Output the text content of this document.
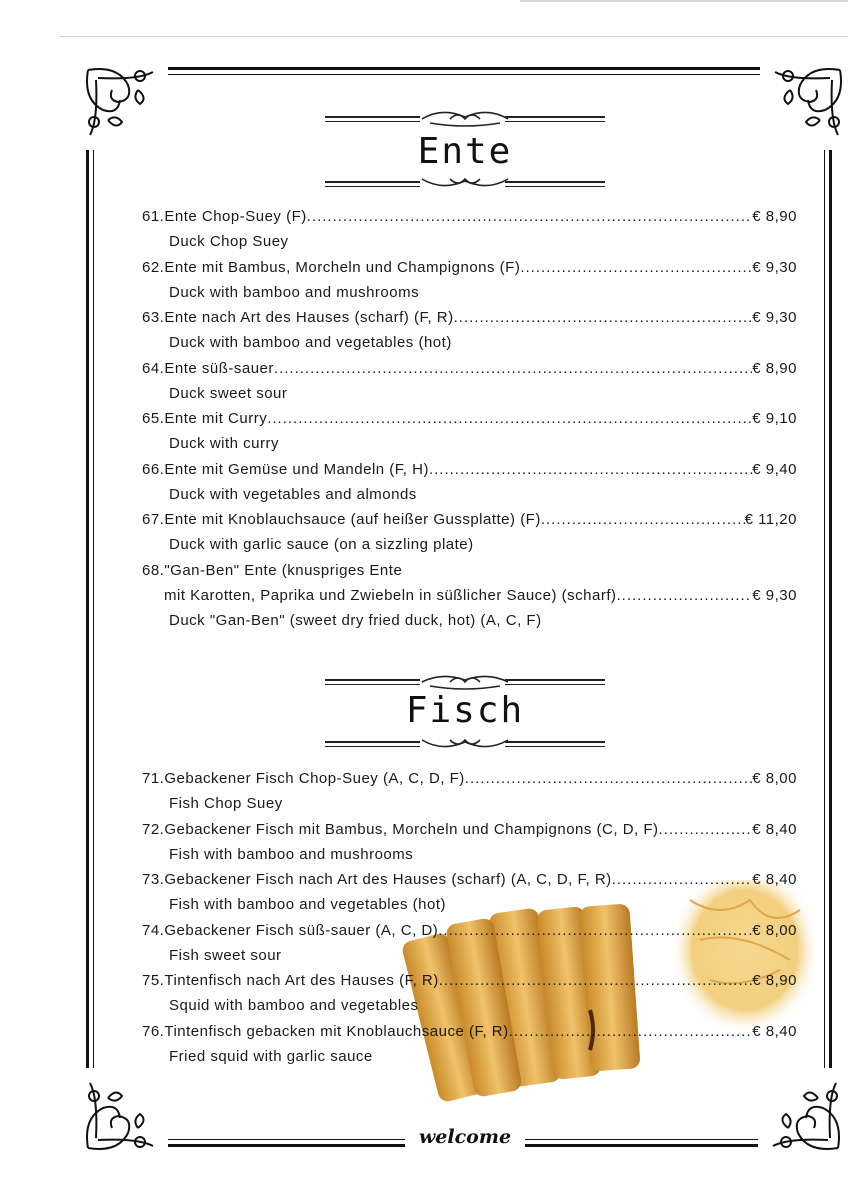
Ente
61.Ente Chop-Suey (F) .....	€ 8,90
Duck Chop Suey
62.Ente mit Bambus, Morcheln und Champignons (F) .....	€ 9,30
Duck with bamboo and mushrooms
63.Ente nach Art des Hauses (scharf) (F, R) .....	€ 9,30
Duck with bamboo and vegetables (hot)
64.Ente süß-sauer .....	€ 8,90
Duck sweet sour
65.Ente mit Curry .....	€ 9,10
Duck with curry
66.Ente mit Gemüse und Mandeln (F, H) .....	€ 9,40
Duck with vegetables and almonds
67.Ente mit Knoblauchsauce (auf heißer Gussplatte) (F) .....	€ 11,20
Duck with garlic sauce (on a sizzling plate)
68."Gan-Ben" Ente (knuspriges Ente
mit Karotten, Paprika und Zwiebeln in süßlicher Sauce) (scharf) .....	€ 9,30
Duck "Gan-Ben" (sweet dry fried duck, hot) (A, C, F)
Fisch
71.Gebackener Fisch Chop-Suey (A, C, D, F) .....	€ 8,00
Fish Chop Suey
72.Gebackener Fisch mit Bambus, Morcheln und Champignons (C, D, F) .....	€ 8,40
Fish with bamboo and mushrooms
73.Gebackener Fisch nach Art des Hauses (scharf) (A, C, D, F, R) .....	€ 8,40
Fish with bamboo and vegetables (hot)
74.Gebackener Fisch süß-sauer (A, C, D) .....	€ 8,00
Fish sweet sour
75.Tintenfisch nach Art des Hauses (F, R) .....	€ 8,90
Squid with bamboo and vegetables
76.Tintenfisch gebacken mit Knoblauchsauce (F, R) .....	€ 8,40
Fried squid with garlic sauce
welcome
